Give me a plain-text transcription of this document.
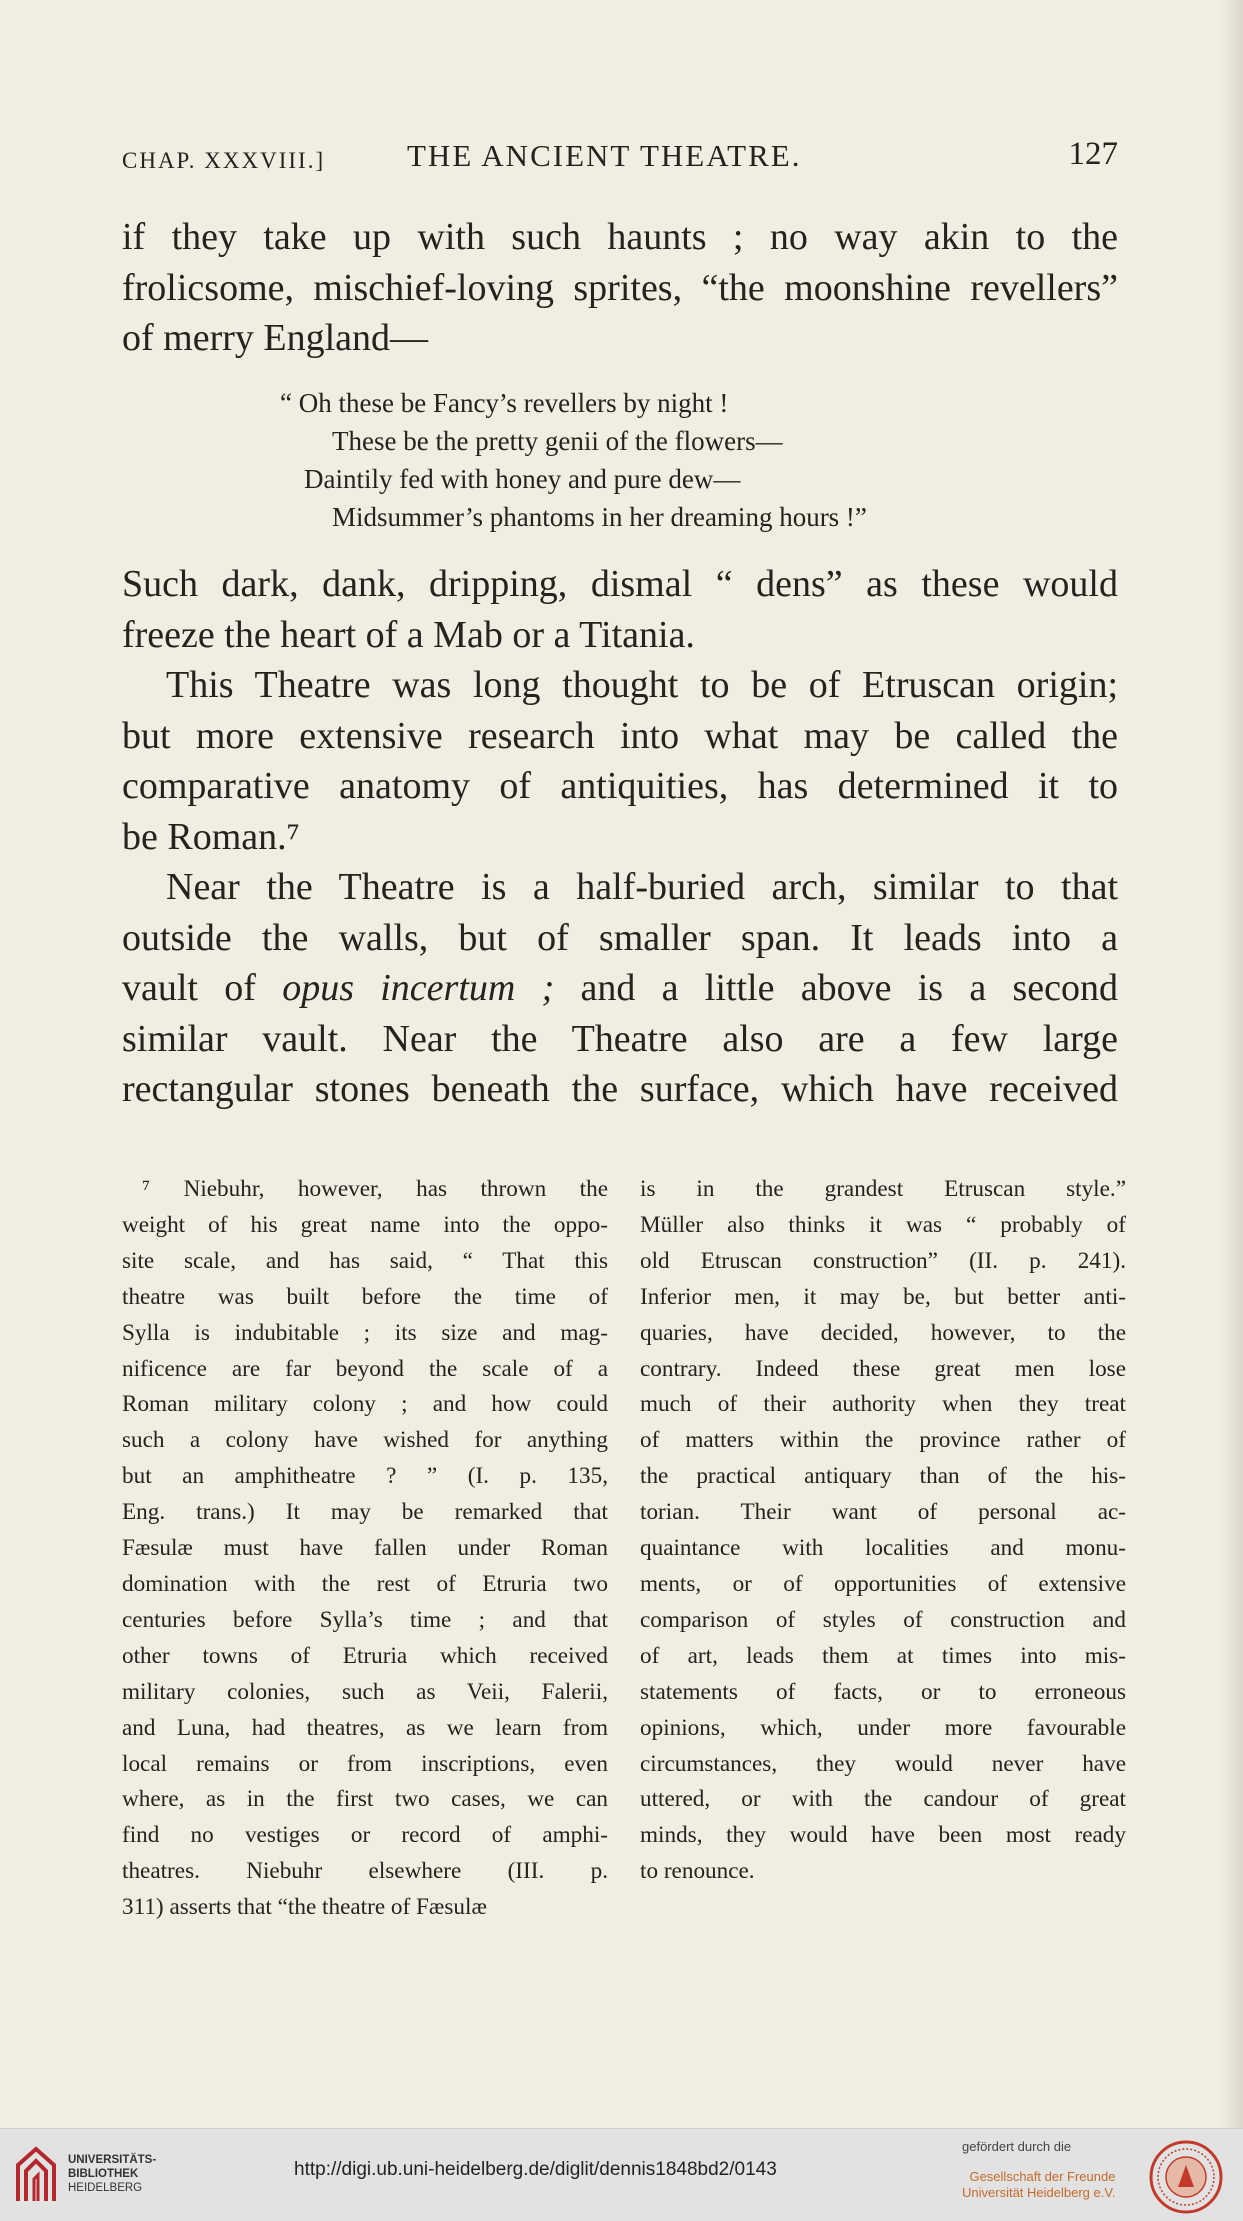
CHAP. XXXVIII.]	THE ANCIENT THEATRE.	127
if they take up with such haunts ; no way akin to the
frolicsome, mischief-loving sprites, “the moonshine revellers”
of merry England—
“ Oh these be Fancy’s revellers by night !
These be the pretty genii of the flowers—
Daintily fed with honey and pure dew—
Midsummer’s phantoms in her dreaming hours !”
Such dark, dank, dripping, dismal “ dens” as these would
freeze the heart of a Mab or a Titania.
This Theatre was long thought to be of Etruscan origin;
but more extensive research into what may be called the
comparative anatomy of antiquities, has determined it to
be Roman.⁷
Near the Theatre is a half-buried arch, similar to that
outside the walls, but of smaller span. It leads into a
vault of opus incertum ; and a little above is a second
similar vault. Near the Theatre also are a few large
rectangular stones beneath the surface, which have received
⁷ Niebuhr, however, has thrown the
weight of his great name into the oppo-
site scale, and has said, “ That this
theatre was built before the time of
Sylla is indubitable ; its size and mag-
nificence are far beyond the scale of a
Roman military colony ; and how could
such a colony have wished for anything
but an amphitheatre ? ” (I. p. 135,
Eng. trans.) It may be remarked that
Fæsulæ must have fallen under Roman
domination with the rest of Etruria two
centuries before Sylla’s time ; and that
other towns of Etruria which received
military colonies, such as Veii, Falerii,
and Luna, had theatres, as we learn from
local remains or from inscriptions, even
where, as in the first two cases, we can
find no vestiges or record of amphi-
theatres. Niebuhr elsewhere (III. p.
311) asserts that “the theatre of Fæsulæ
is in the grandest Etruscan style.”
Müller also thinks it was “ probably of
old Etruscan construction” (II. p. 241).
Inferior men, it may be, but better anti-
quaries, have decided, however, to the
contrary. Indeed these great men lose
much of their authority when they treat
of matters within the province rather of
the practical antiquary than of the his-
torian. Their want of personal ac-
quaintance with localities and monu-
ments, or of opportunities of extensive
comparison of styles of construction and
of art, leads them at times into mis-
statements of facts, or to erroneous
opinions, which, under more favourable
circumstances, they would never have
uttered, or with the candour of great
minds, they would have been most ready
to renounce.
UNIVERSITÄTS-
BIBLIOTHEK
HEIDELBERG
http://digi.ub.uni-heidelberg.de/diglit/dennis1848bd2/0143
gefördert durch die
Gesellschaft der Freunde
Universität Heidelberg e.V.
